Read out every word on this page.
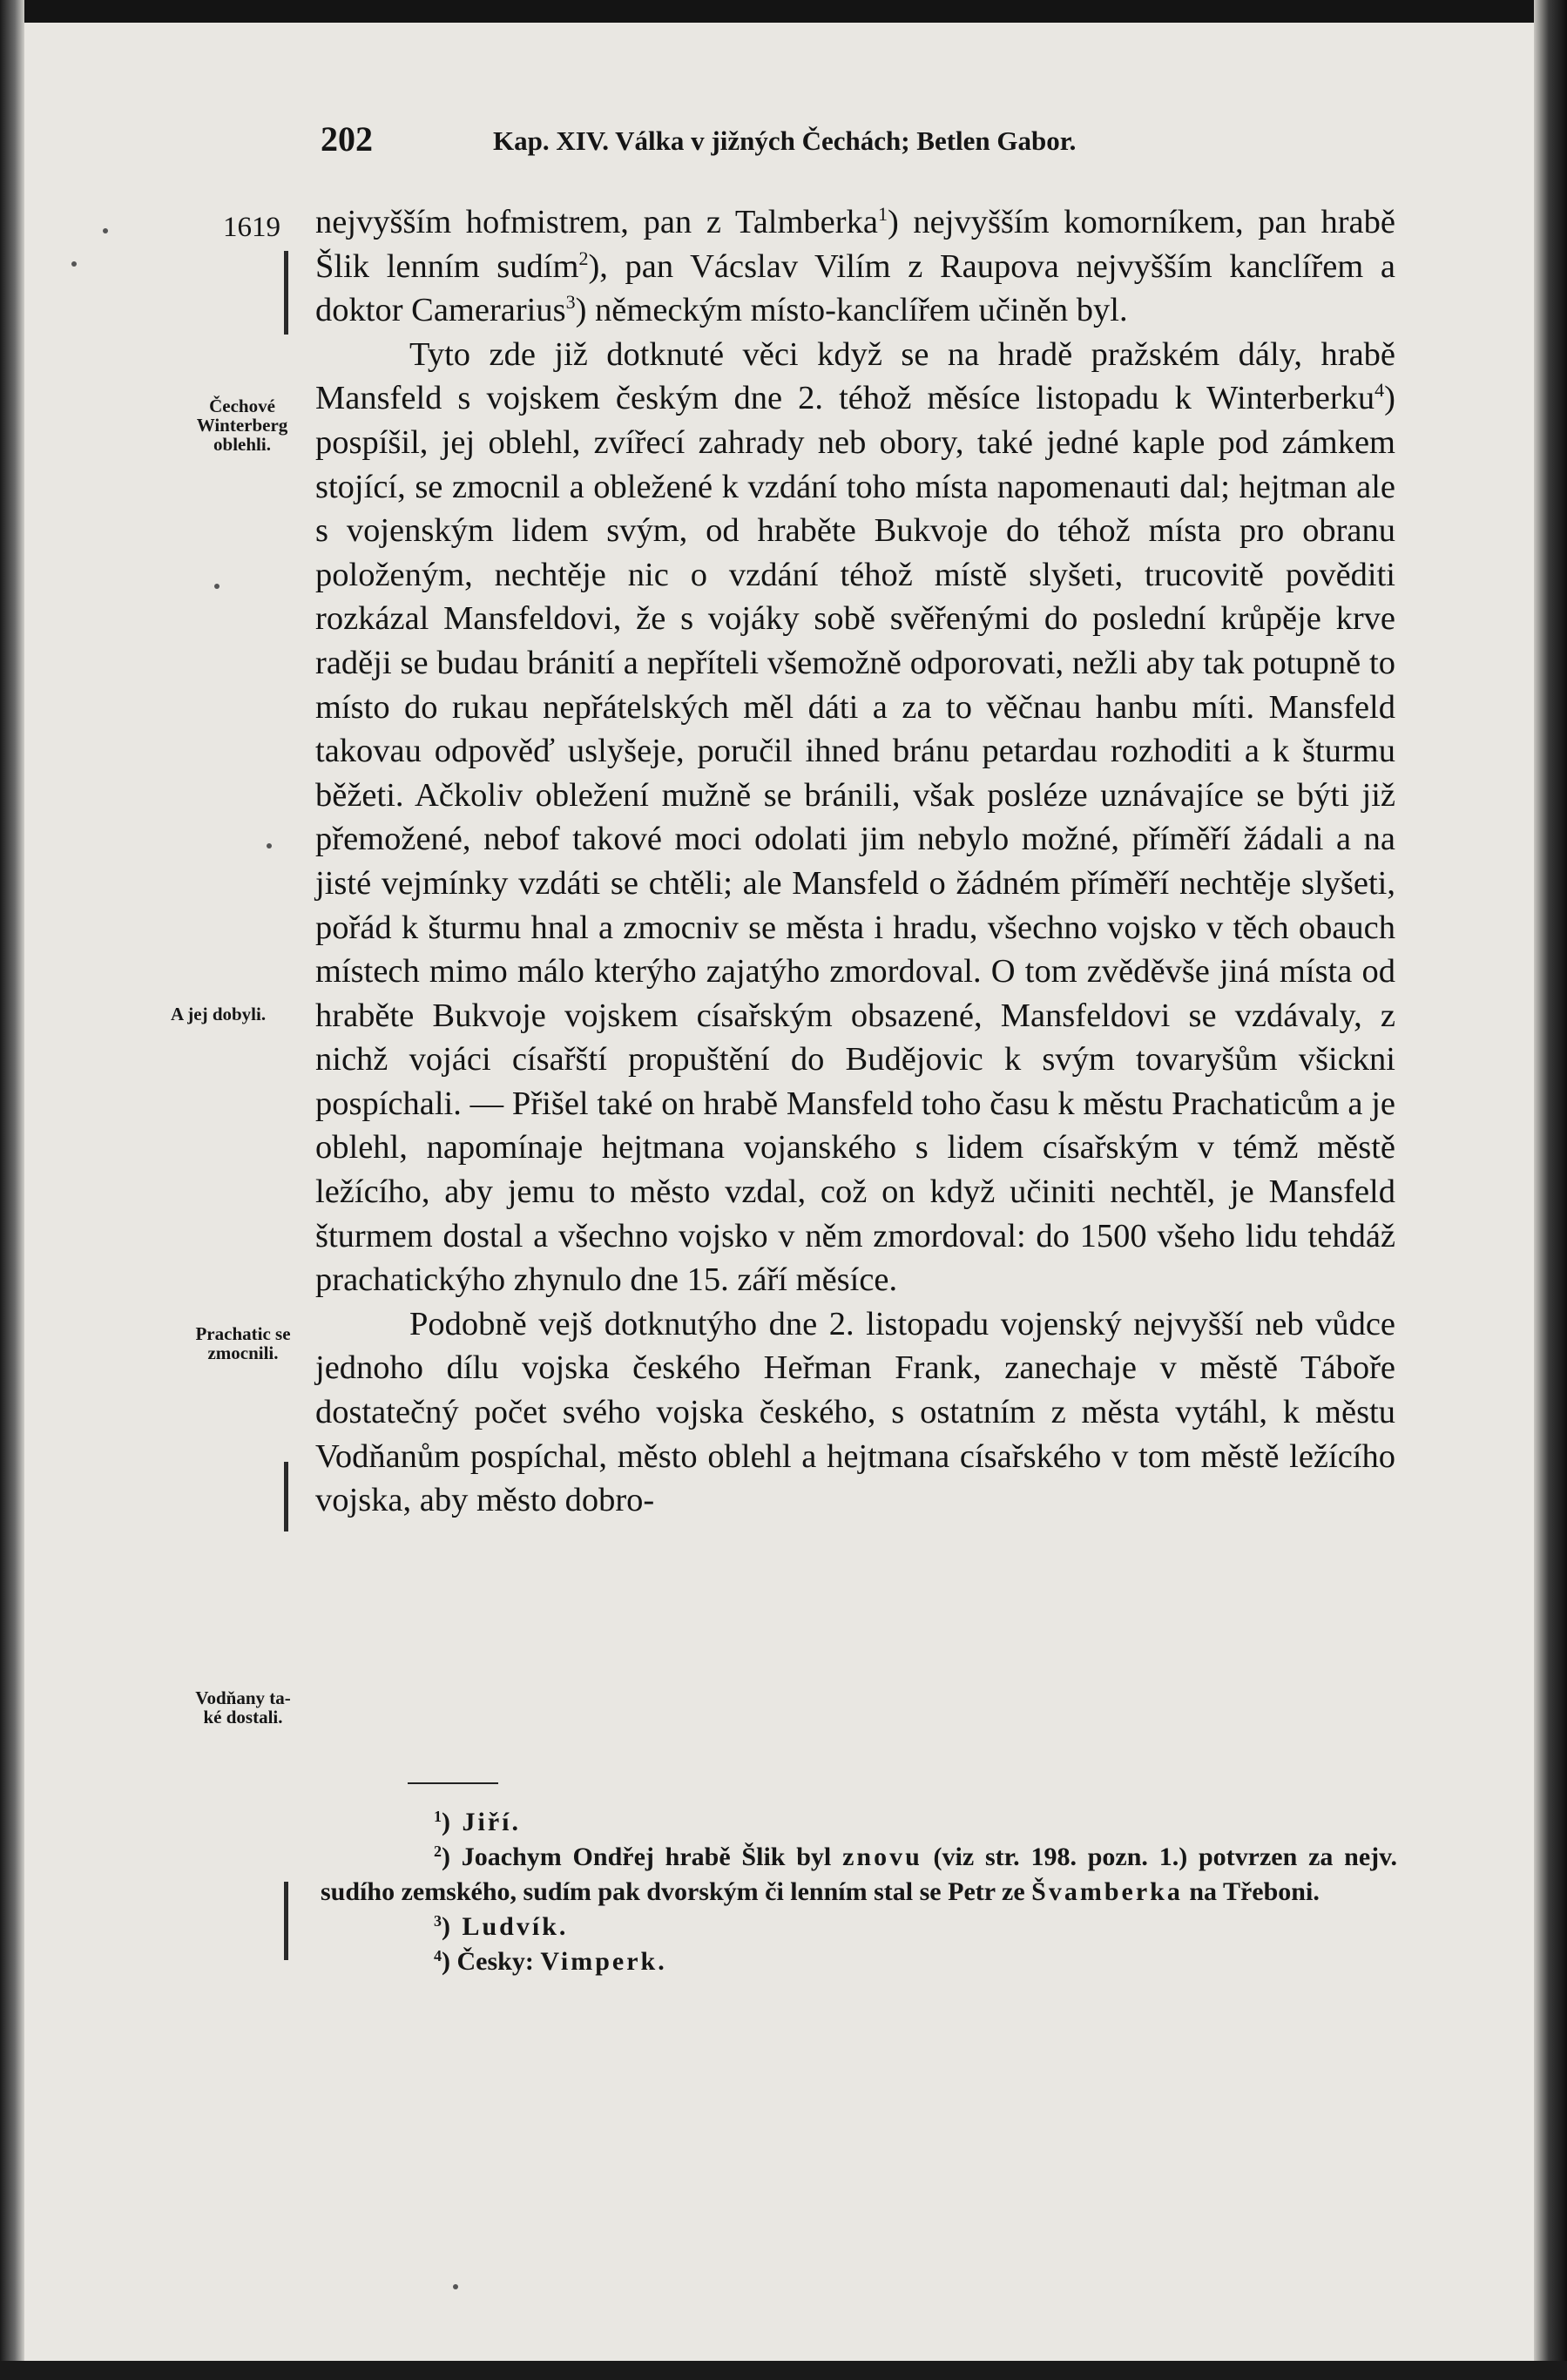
202	Kap. XIV. Válka v jižných Čechách; Betlen Gabor.
1619
Čechové
Winterberg
oblehli.
A jej dobyli.
Prachatic se
zmocnili.
Vodňany ta-
ké dostali.

nejvyšším hofmistrem, pan z Talmberka$^1$) nejvyšším komorníkem, pan hrabě Šlik lenním sudím$^2$), pan Vácslav Vilím z Raupova nejvyšším kanclířem a doktor Camerarius$^3$) německým místo-kanclířem učiněn byl.

Tyto zde již dotknuté věci když se na hradě pražském dály, hrabě Mansfeld s vojskem českým dne 2. téhož měsíce listopadu k Winterberku$^4$) pospíšil, jej oblehl, zvířecí zahrady neb obory, také jedné kaple pod zámkem stojící, se zmocnil a obležené k vzdání toho místa napomenauti dal; hejtman ale s vojenským lidem svým, od hraběte Bukvoje do téhož místa pro obranu položeným, nechtěje nic o vzdání téhož místě slyšeti, trucovitě pověditi rozkázal Mansfeldovi, že s vojáky sobě svěřenými do poslední krůpěje krve raději se budau bránití a nepříteli všemožně odporovati, nežli aby tak potupně to místo do rukau nepřátelských měl dáti a za to věčnau hanbu míti. Mansfeld takovau odpověď uslyšeje, poručil ihned bránu petardau rozhoditi a k šturmu běžeti. Ačkoliv obležení mužně se bránili, však posléze uznávajíce se býti již přemožené, nebof takové moci odolati jim nebylo možné, příměří žádali a na jisté vejmínky vzdáti se chtěli; ale Mansfeld o žádném příměří nechtěje slyšeti, pořád k šturmu hnal a zmocniv se města i hradu, všechno vojsko v těch obauch místech mimo málo kterýho zajatýho zmordoval. O tom zvěděvše jiná místa od hraběte Bukvoje vojskem císařským obsazené, Mansfeldovi se vzdávaly, z nichž vojáci císařští propuštění do Budějovic k svým tovaryšům všickni pospíchali. — Přišel také on hrabě Mansfeld toho času k městu Prachaticům a je oblehl, napomínaje hejtmana vojanského s lidem císařským v témž městě ležícího, aby jemu to město vzdal, což on když učiniti nechtěl, je Mansfeld šturmem dostal a všechno vojsko v něm zmordoval: do 1500 všeho lidu tehdáž prachatickýho zhynulo dne 15. září měsíce.

Podobně vejš dotknutýho dne 2. listopadu vojenský nejvyšší neb vůdce jednoho dílu vojska českého Heřman Frank, zanechaje v městě Táboře dostatečný počet svého vojska českého, s ostatním z města vytáhl, k městu Vodňanům pospíchal, město oblehl a hejtmana císařského v tom městě ležícího vojska, aby město dobro-

$^1$) Jiří.

$^2$) Joachym Ondřej hrabě Šlik byl znovu (viz str. 198. pozn. 1.) potvrzen za nejv. sudího zemského, sudím pak dvorským či lenním stal se Petr ze Švamberka na Třeboni.

$^3$) Ludvík.

$^4$) Česky: Vimperk.
